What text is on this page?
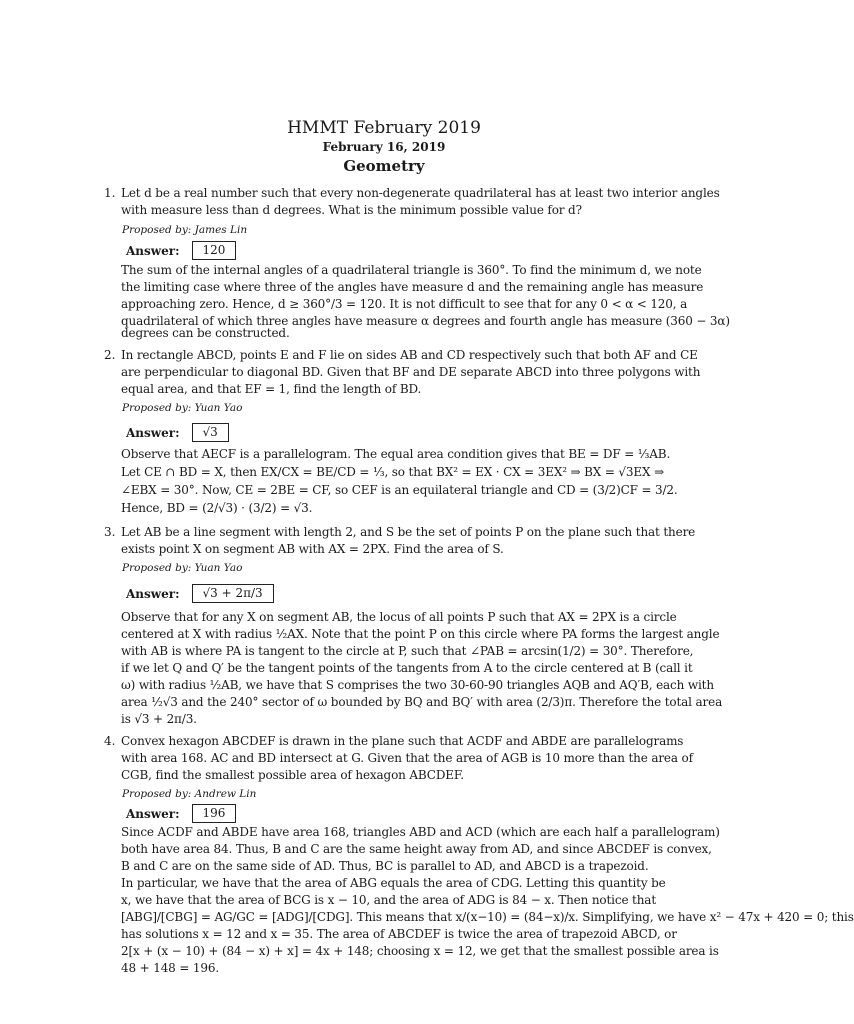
HMMT February 2019
February 16, 2019
Geometry
1. Let d be a real number such that every non-degenerate quadrilateral has at least two interior angles
with measure less than d degrees. What is the minimum possible value for d?
Proposed by: James Lin
Answer: 120
The sum of the internal angles of a quadrilateral triangle is 360°. To find the minimum d, we note
the limiting case where three of the angles have measure d and the remaining angle has measure
approaching zero. Hence, d ≥ 360°/3 = 120. It is not difficult to see that for any 0 < α < 120, a
quadrilateral of which three angles have measure α degrees and fourth angle has measure (360 − 3α)
degrees can be constructed.
2. In rectangle ABCD, points E and F lie on sides AB and CD respectively such that both AF and CE
are perpendicular to diagonal BD. Given that BF and DE separate ABCD into three polygons with
equal area, and that EF = 1, find the length of BD.
Proposed by: Yuan Yao
Answer: √3
Observe that AECF is a parallelogram. The equal area condition gives that BE = DF = ⅓AB.
Let CE ∩ BD = X, then EX/CX = BE/CD = ⅓, so that BX² = EX · CX = 3EX² ⇒ BX = √3EX ⇒
∠EBX = 30°. Now, CE = 2BE = CF, so CEF is an equilateral triangle and CD = (3/2)CF = 3/2.
Hence, BD = (2/√3) · (3/2) = √3.
3. Let AB be a line segment with length 2, and S be the set of points P on the plane such that there
exists point X on segment AB with AX = 2PX. Find the area of S.
Proposed by: Yuan Yao
Answer: √3 + 2π/3
Observe that for any X on segment AB, the locus of all points P such that AX = 2PX is a circle
centered at X with radius ½AX. Note that the point P on this circle where PA forms the largest angle
with AB is where PA is tangent to the circle at P, such that ∠PAB = arcsin(1/2) = 30°. Therefore,
if we let Q and Q′ be the tangent points of the tangents from A to the circle centered at B (call it
ω) with radius ½AB, we have that S comprises the two 30-60-90 triangles AQB and AQ′B, each with
area ½√3 and the 240° sector of ω bounded by BQ and BQ′ with area (2/3)π. Therefore the total area
is √3 + 2π/3.
4. Convex hexagon ABCDEF is drawn in the plane such that ACDF and ABDE are parallelograms
with area 168. AC and BD intersect at G. Given that the area of AGB is 10 more than the area of
CGB, find the smallest possible area of hexagon ABCDEF.
Proposed by: Andrew Lin
Answer: 196
Since ACDF and ABDE have area 168, triangles ABD and ACD (which are each half a parallelogram)
both have area 84. Thus, B and C are the same height away from AD, and since ABCDEF is convex,
B and C are on the same side of AD. Thus, BC is parallel to AD, and ABCD is a trapezoid.
In particular, we have that the area of ABG equals the area of CDG. Letting this quantity be
x, we have that the area of BCG is x − 10, and the area of ADG is 84 − x. Then notice that
[ABG]/[CBG] = AG/GC = [ADG]/[CDG]. This means that x/(x−10) = (84−x)/x. Simplifying, we have x² − 47x + 420 = 0; this
has solutions x = 12 and x = 35. The area of ABCDEF is twice the area of trapezoid ABCD, or
2[x + (x − 10) + (84 − x) + x] = 4x + 148; choosing x = 12, we get that the smallest possible area is
48 + 148 = 196.
